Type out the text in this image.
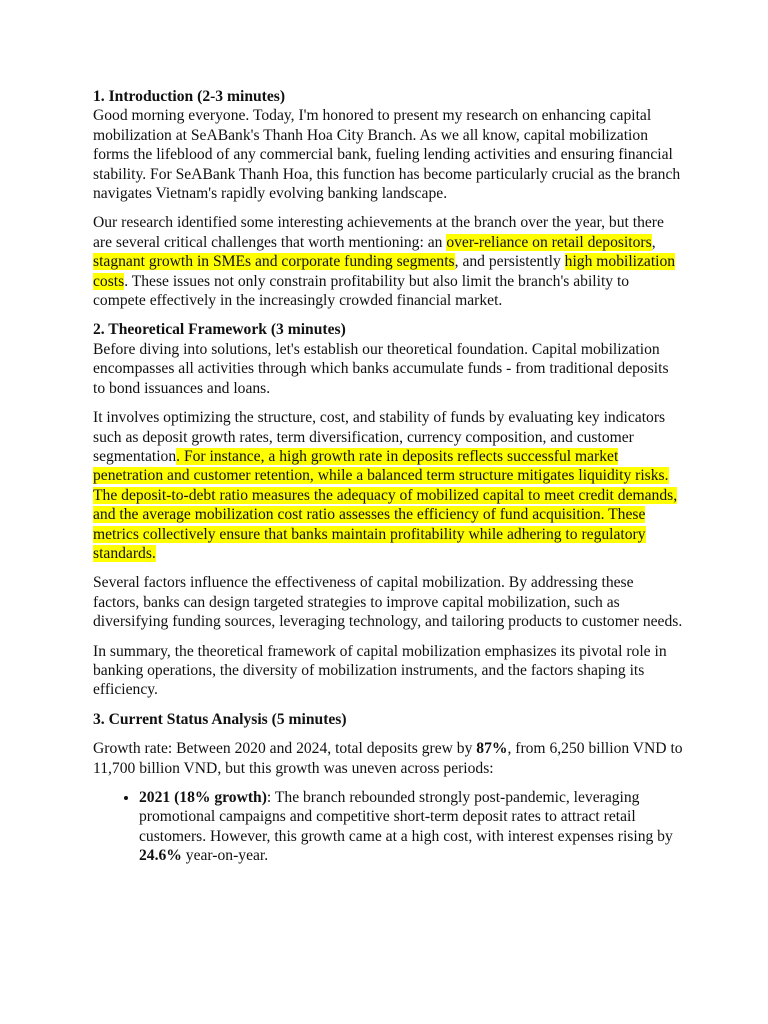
1. Introduction (2-3 minutes)
Good morning everyone. Today, I'm honored to present my research on enhancing capital mobilization at SeABank's Thanh Hoa City Branch. As we all know, capital mobilization forms the lifeblood of any commercial bank, fueling lending activities and ensuring financial stability. For SeABank Thanh Hoa, this function has become particularly crucial as the branch navigates Vietnam's rapidly evolving banking landscape.

Our research identified some interesting achievements at the branch over the year, but there are several critical challenges that worth mentioning: an over-reliance on retail depositors, stagnant growth in SMEs and corporate funding segments, and persistently high mobilization costs. These issues not only constrain profitability but also limit the branch's ability to compete effectively in the increasingly crowded financial market.

2. Theoretical Framework (3 minutes)
Before diving into solutions, let's establish our theoretical foundation. Capital mobilization encompasses all activities through which banks accumulate funds - from traditional deposits to bond issuances and loans.

It involves optimizing the structure, cost, and stability of funds by evaluating key indicators such as deposit growth rates, term diversification, currency composition, and customer segmentation. For instance, a high growth rate in deposits reflects successful market penetration and customer retention, while a balanced term structure mitigates liquidity risks. The deposit-to-debt ratio measures the adequacy of mobilized capital to meet credit demands, and the average mobilization cost ratio assesses the efficiency of fund acquisition. These metrics collectively ensure that banks maintain profitability while adhering to regulatory standards.

Several factors influence the effectiveness of capital mobilization. By addressing these factors, banks can design targeted strategies to improve capital mobilization, such as diversifying funding sources, leveraging technology, and tailoring products to customer needs.

In summary, the theoretical framework of capital mobilization emphasizes its pivotal role in banking operations, the diversity of mobilization instruments, and the factors shaping its efficiency.

3. Current Status Analysis (5 minutes)

Growth rate: Between 2020 and 2024, total deposits grew by 87%, from 6,250 billion VND to 11,700 billion VND, but this growth was uneven across periods:

• 2021 (18% growth): The branch rebounded strongly post-pandemic, leveraging promotional campaigns and competitive short-term deposit rates to attract retail customers. However, this growth came at a high cost, with interest expenses rising by 24.6% year-on-year.
